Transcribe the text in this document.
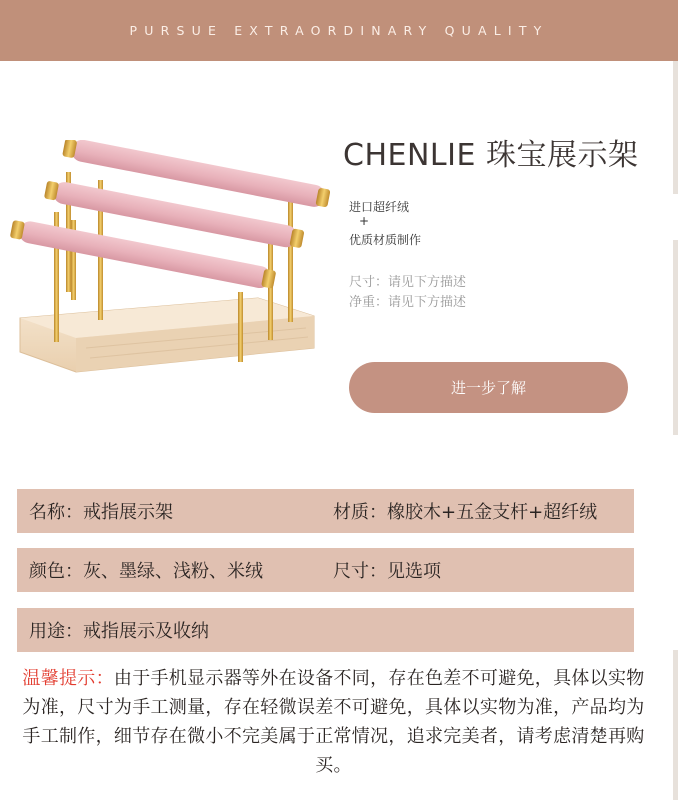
PURSUE EXTRAORDINARY QUALITY
CHENLIE 珠宝展示架
进口超纤绒
+
优质材质制作
尺寸：请见下方描述
净重：请见下方描述
进一步了解
名称：戒指展示架	材质：橡胶木+五金支杆+超纤绒
颜色：灰、墨绿、浅粉、米绒	尺寸：见选项
用途：戒指展示及收纳
温馨提示：由于手机显示器等外在设备不同，存在色差不可避免，具体以实物为准，尺寸为手工测量，存在轻微误差不可避免，具体以实物为准，产品均为手工制作，细节存在微小不完美属于正常情况，追求完美者，请考虑清楚再购买。
